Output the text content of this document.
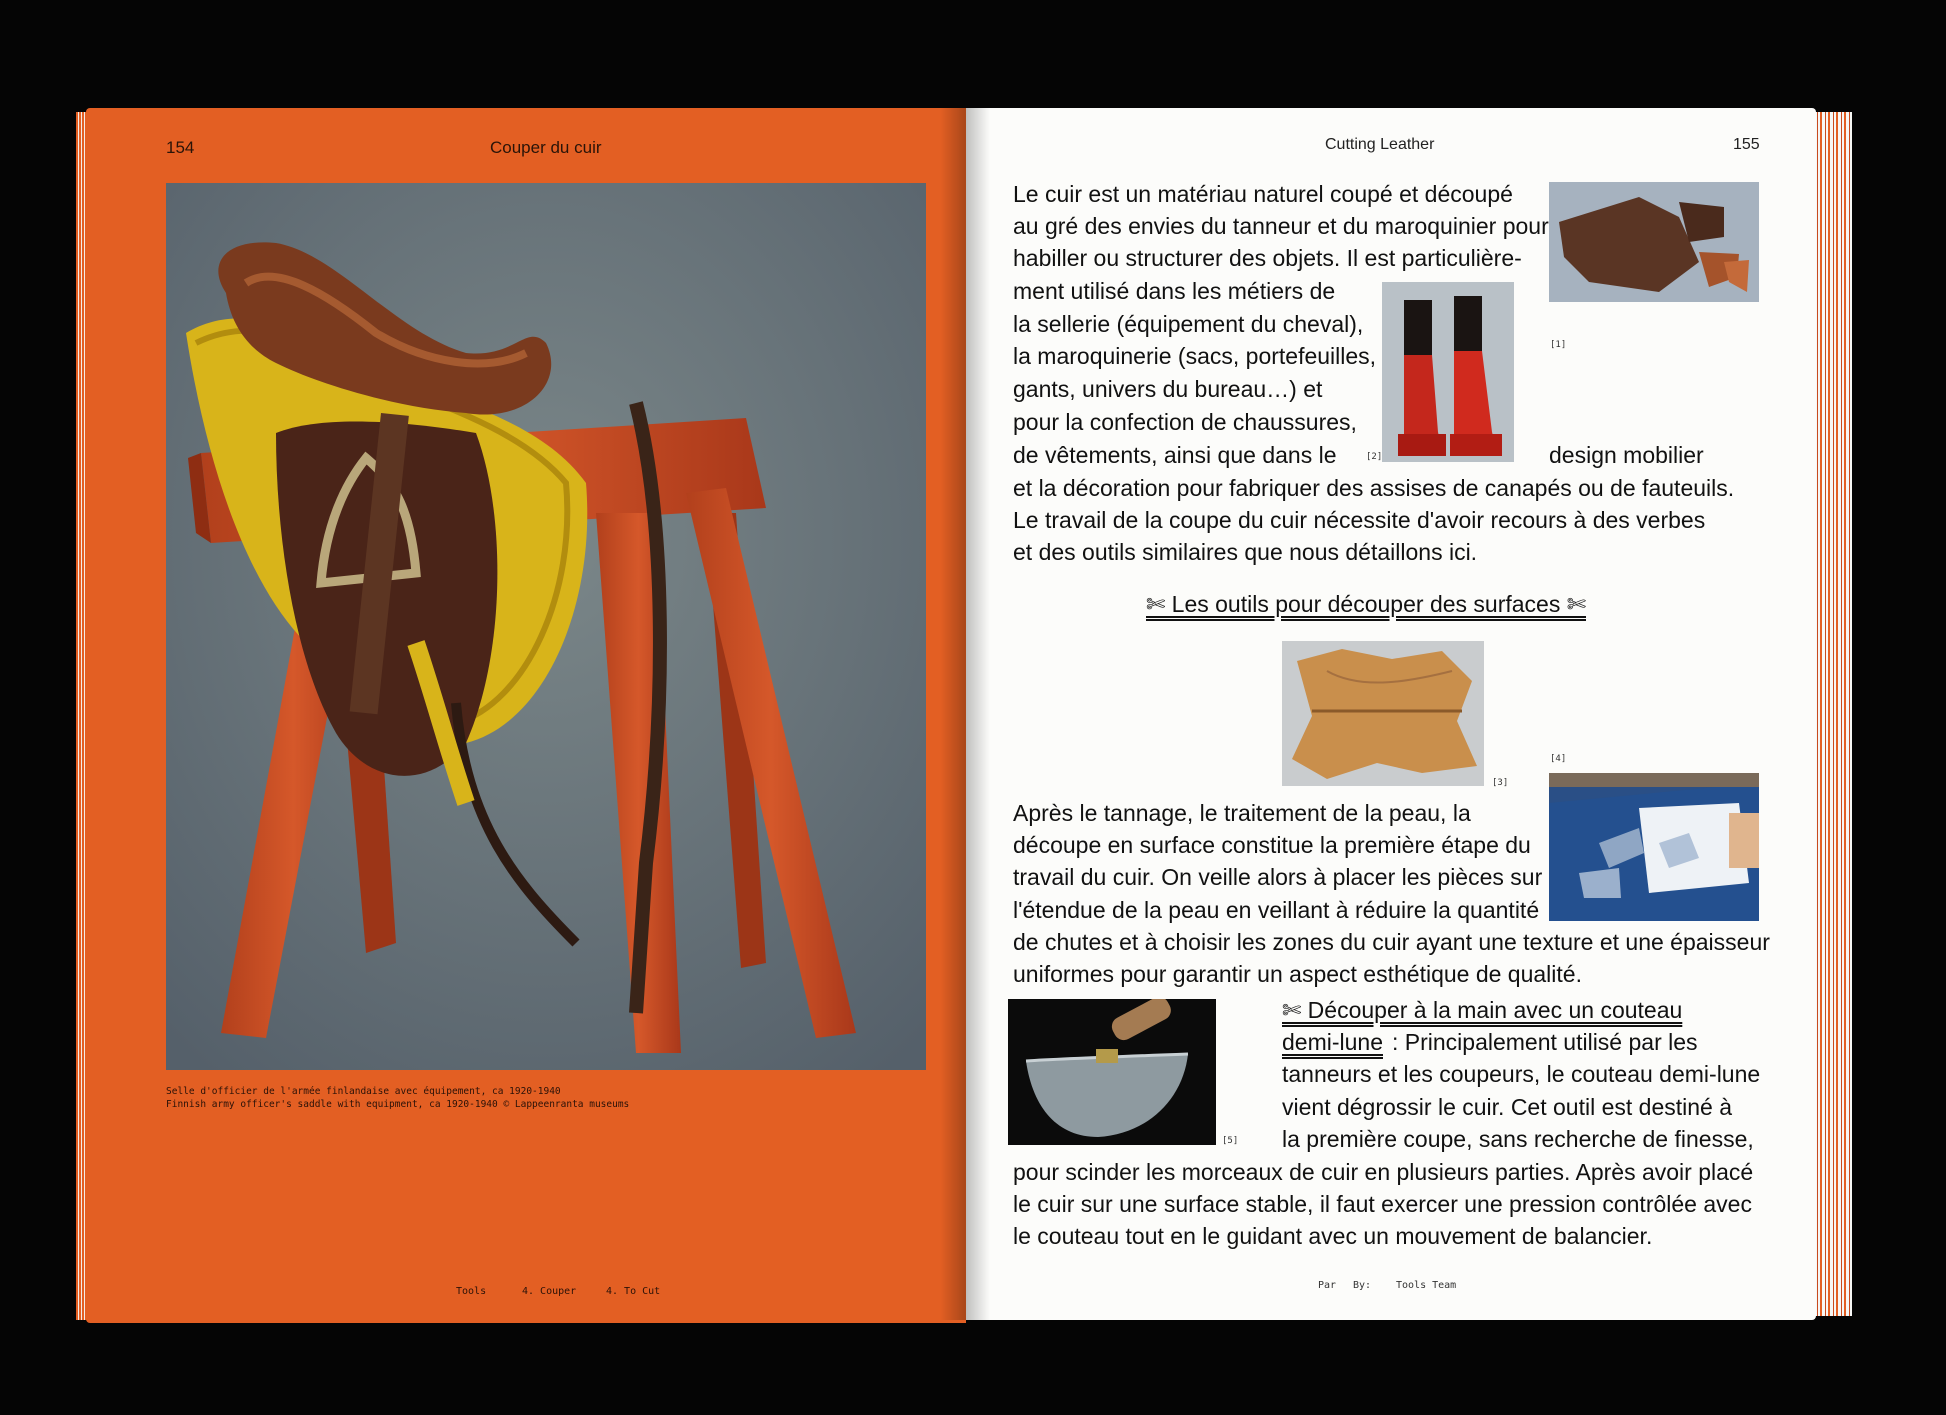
154	Couper du cuir
Selle d'officier de l'armée finlandaise avec équipement, ca 1920-1940
Finnish army officer's saddle with equipment, ca 1920-1940 © Lappeenranta museums
Tools	4. Couper	4. To Cut
Cutting Leather	155
[1]
[2]
Le cuir est un matériau naturel coupé et découpé
au gré des envies du tanneur et du maroquinier pour
habiller ou structurer des objets. Il est particulière-
ment utilisé dans les métiers de
la sellerie (équipement du cheval),
la maroquinerie (sacs, portefeuilles,
gants, univers du bureau…) et
pour la confection de chaussures,
de vêtements, ainsi que dans le	design mobilier
et la décoration pour fabriquer des assises de canapés ou de fauteuils.
Le travail de la coupe du cuir nécessite d'avoir recours à des verbes
et des outils similaires que nous détaillons ici.
✄ Les outils pour découper des surfaces ✄
[3]
[4]
Après le tannage, le traitement de la peau, la
découpe en surface constitue la première étape du
travail du cuir. On veille alors à placer les pièces sur
l'étendue de la peau en veillant à réduire la quantité
de chutes et à choisir les zones du cuir ayant une texture et une épaisseur
uniformes pour garantir un aspect esthétique de qualité.
[5]
✄ Découper à la main avec un couteau
demi-lune : Principalement utilisé par les
tanneurs et les coupeurs, le couteau demi-lune
vient dégrossir le cuir. Cet outil est destiné à
la première coupe, sans recherche de finesse,
pour scinder les morceaux de cuir en plusieurs parties. Après avoir placé
le cuir sur une surface stable, il faut exercer une pression contrôlée avec
le couteau tout en le guidant avec un mouvement de balancier.
Par By: Tools Team
